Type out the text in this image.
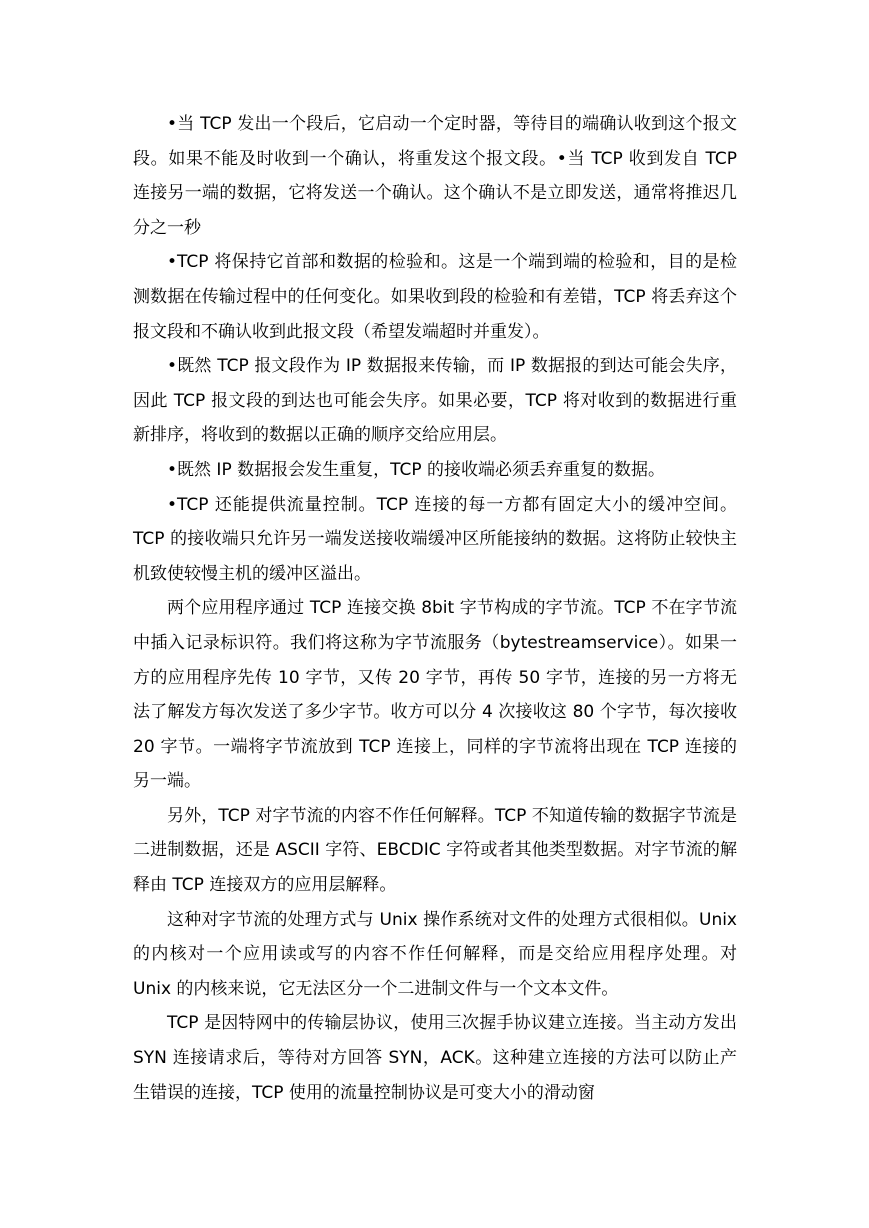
•当 TCP 发出一个段后，它启动一个定时器，等待目的端确认收到这个报文段。如果不能及时收到一个确认，将重发这个报文段。•当 TCP 收到发自 TCP 连接另一端的数据，它将发送一个确认。这个确认不是立即发送，通常将推迟几分之一秒

•TCP 将保持它首部和数据的检验和。这是一个端到端的检验和，目的是检测数据在传输过程中的任何变化。如果收到段的检验和有差错，TCP 将丢弃这个报文段和不确认收到此报文段（希望发端超时并重发）。

•既然 TCP 报文段作为 IP 数据报来传输，而 IP 数据报的到达可能会失序，因此 TCP 报文段的到达也可能会失序。如果必要，TCP 将对收到的数据进行重新排序，将收到的数据以正确的顺序交给应用层。

•既然 IP 数据报会发生重复，TCP 的接收端必须丢弃重复的数据。

•TCP 还能提供流量控制。TCP 连接的每一方都有固定大小的缓冲空间。TCP 的接收端只允许另一端发送接收端缓冲区所能接纳的数据。这将防止较快主机致使较慢主机的缓冲区溢出。

两个应用程序通过 TCP 连接交换 8bit 字节构成的字节流。TCP 不在字节流中插入记录标识符。我们将这称为字节流服务（bytestreamservice）。如果一方的应用程序先传 10 字节，又传 20 字节，再传 50 字节，连接的另一方将无法了解发方每次发送了多少字节。收方可以分 4 次接收这 80 个字节，每次接收 20 字节。一端将字节流放到 TCP 连接上，同样的字节流将出现在 TCP 连接的另一端。

另外，TCP 对字节流的内容不作任何解释。TCP 不知道传输的数据字节流是二进制数据，还是 ASCII 字符、EBCDIC 字符或者其他类型数据。对字节流的解释由 TCP 连接双方的应用层解释。

这种对字节流的处理方式与 Unix 操作系统对文件的处理方式很相似。Unix 的内核对一个应用读或写的内容不作任何解释，而是交给应用程序处理。对 Unix 的内核来说，它无法区分一个二进制文件与一个文本文件。

TCP 是因特网中的传输层协议，使用三次握手协议建立连接。当主动方发出 SYN 连接请求后，等待对方回答 SYN，ACK。这种建立连接的方法可以防止产生错误的连接，TCP 使用的流量控制协议是可变大小的滑动窗
